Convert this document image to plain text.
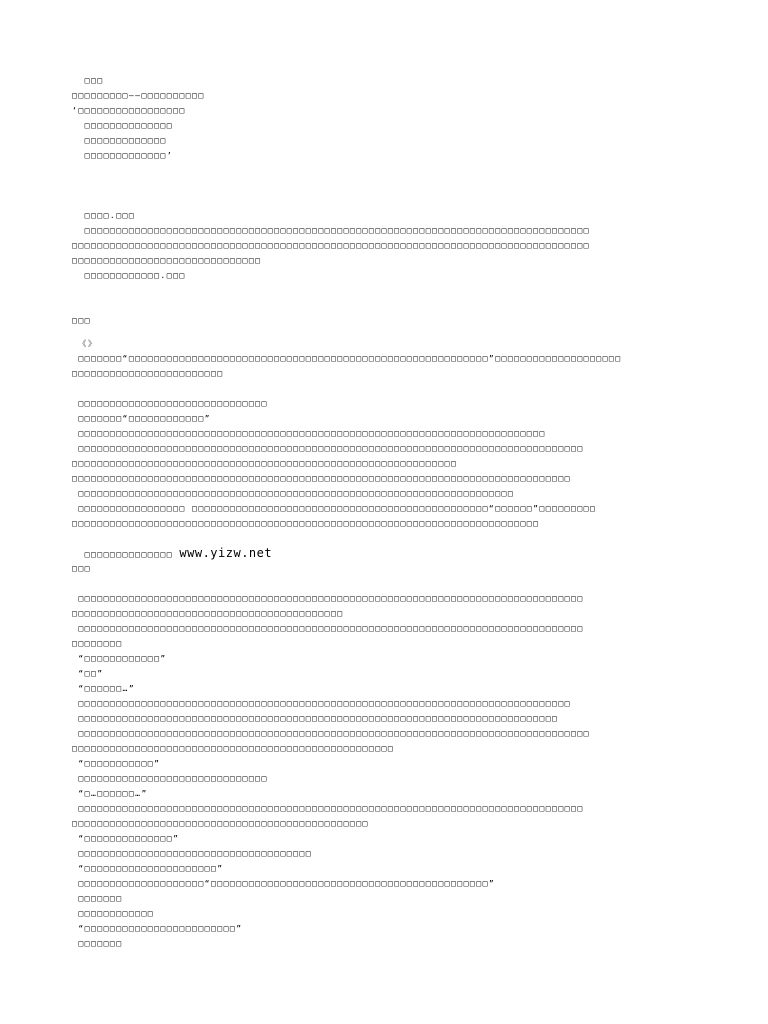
□□□
□□□□□□□□□——□□□□□□□□□□
‘□□□□□□□□□□□□□□□□□
□□□□□□□□□□□□□□
□□□□□□□□□□□□□
□□□□□□□□□□□□□’
□□□□.□□□
□□□□□□□□□□□□□□□□□□□□□□□□□□□□□□□□□□□□□□□□□□□□□□□□□□□□□□□□□□□□□□□□□□□□□□□□□□□□□□□□
□□□□□□□□□□□□□□□□□□□□□□□□□□□□□□□□□□□□□□□□□□□□□□□□□□□□□□□□□□□□□□□□□□□□□□□□□□□□□□□□□□
□□□□□□□□□□□□□□□□□□□□□□□□□□□□□□
□□□□□□□□□□□□.□□□
□□□
《》
□□□□□□□“□□□□□□□□□□□□□□□□□□□□□□□□□□□□□□□□□□□□□□□□□□□□□□□□□□□□□□□□□”□□□□□□□□□□□□□□□□□□□□
□□□□□□□□□□□□□□□□□□□□□□□□
□□□□□□□□□□□□□□□□□□□□□□□□□□□□□□
□□□□□□□“□□□□□□□□□□□□”
□□□□□□□□□□□□□□□□□□□□□□□□□□□□□□□□□□□□□□□□□□□□□□□□□□□□□□□□□□□□□□□□□□□□□□□□□□
□□□□□□□□□□□□□□□□□□□□□□□□□□□□□□□□□□□□□□□□□□□□□□□□□□□□□□□□□□□□□□□□□□□□□□□□□□□□□□□□
□□□□□□□□□□□□□□□□□□□□□□□□□□□□□□□□□□□□□□□□□□□□□□□□□□□□□□□□□□□□□
□□□□□□□□□□□□□□□□□□□□□□□□□□□□□□□□□□□□□□□□□□□□□□□□□□□□□□□□□□□□□□□□□□□□□□□□□□□□□□□
□□□□□□□□□□□□□□□□□□□□□□□□□□□□□□□□□□□□□□□□□□□□□□□□□□□□□□□□□□□□□□□□□□□□□
□□□□□□□□□□□□□□□□□ □□□□□□□□□□□□□□□□□□□□□□□□□□□□□□□□□□□□□□□□□□□□□□□“□□□□□□”□□□□□□□□□
□□□□□□□□□□□□□□□□□□□□□□□□□□□□□□□□□□□□□□□□□□□□□□□□□□□□□□□□□□□□□□□□□□□□□□□□□□
□□□□□□□□□□□□□□ www.yizw.net
□□□
□□□□□□□□□□□□□□□□□□□□□□□□□□□□□□□□□□□□□□□□□□□□□□□□□□□□□□□□□□□□□□□□□□□□□□□□□□□□□□□□
□□□□□□□□□□□□□□□□□□□□□□□□□□□□□□□□□□□□□□□□□□□
□□□□□□□□□□□□□□□□□□□□□□□□□□□□□□□□□□□□□□□□□□□□□□□□□□□□□□□□□□□□□□□□□□□□□□□□□□□□□□□□
□□□□□□□□
“□□□□□□□□□□□□”
“□□”
“□□□□□□…”
□□□□□□□□□□□□□□□□□□□□□□□□□□□□□□□□□□□□□□□□□□□□□□□□□□□□□□□□□□□□□□□□□□□□□□□□□□□□□□
□□□□□□□□□□□□□□□□□□□□□□□□□□□□□□□□□□□□□□□□□□□□□□□□□□□□□□□□□□□□□□□□□□□□□□□□□□□□
□□□□□□□□□□□□□□□□□□□□□□□□□□□□□□□□□□□□□□□□□□□□□□□□□□□□□□□□□□□□□□□□□□□□□□□□□□□□□□□□□
□□□□□□□□□□□□□□□□□□□□□□□□□□□□□□□□□□□□□□□□□□□□□□□□□□□
“□□□□□□□□□□□”
□□□□□□□□□□□□□□□□□□□□□□□□□□□□□□
“□…□□□□□□…”
□□□□□□□□□□□□□□□□□□□□□□□□□□□□□□□□□□□□□□□□□□□□□□□□□□□□□□□□□□□□□□□□□□□□□□□□□□□□□□□□
□□□□□□□□□□□□□□□□□□□□□□□□□□□□□□□□□□□□□□□□□□□□□□□
“□□□□□□□□□□□□□□”
□□□□□□□□□□□□□□□□□□□□□□□□□□□□□□□□□□□□□
“□□□□□□□□□□□□□□□□□□□□□”
□□□□□□□□□□□□□□□□□□□□“□□□□□□□□□□□□□□□□□□□□□□□□□□□□□□□□□□□□□□□□□□□□”
□□□□□□□
□□□□□□□□□□□□
“□□□□□□□□□□□□□□□□□□□□□□□□”
□□□□□□□
